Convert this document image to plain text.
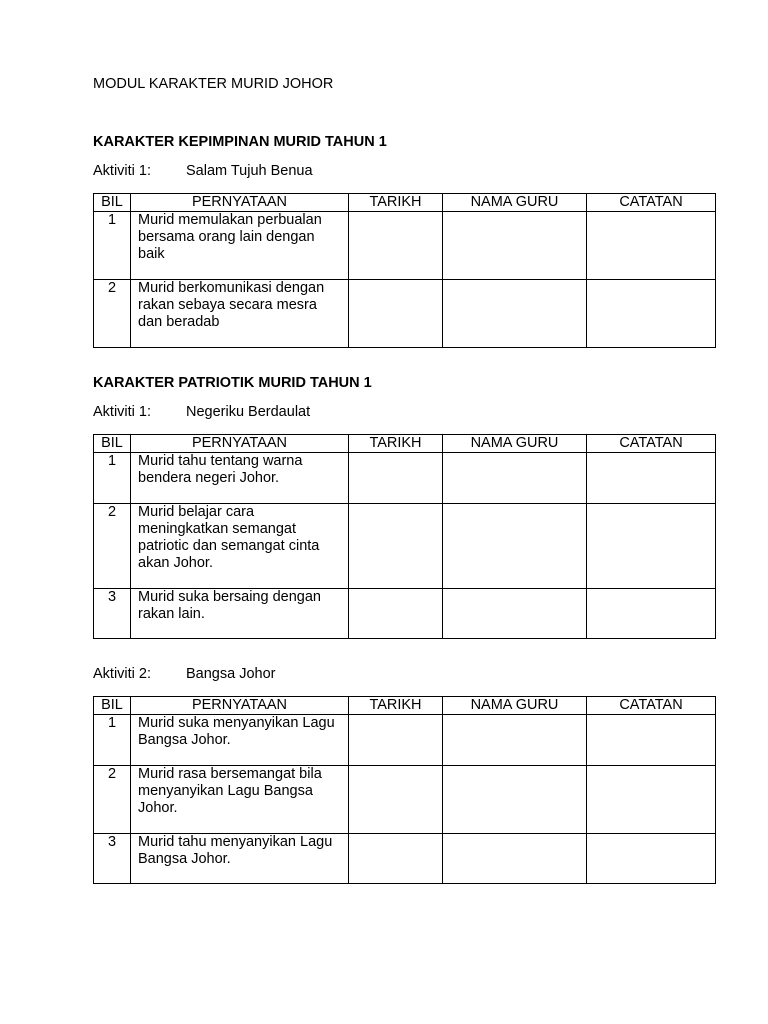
MODUL KARAKTER MURID JOHOR
KARAKTER KEPIMPINAN MURID TAHUN 1
Aktiviti 1: Salam Tujuh Benua
BIL	PERNYATAAN	TARIKH	NAMA GURU	CATATAN
1	Murid memulakan perbualan bersama orang lain dengan baik			
2	Murid berkomunikasi dengan rakan sebaya secara mesra dan beradab			
KARAKTER PATRIOTIK MURID TAHUN 1
Aktiviti 1: Negeriku Berdaulat
BIL	PERNYATAAN	TARIKH	NAMA GURU	CATATAN
1	Murid tahu tentang warna bendera negeri Johor.			
2	Murid belajar cara meningkatkan semangat patriotic dan semangat cinta akan Johor.			
3	Murid suka bersaing dengan rakan lain.			
Aktiviti 2: Bangsa Johor
BIL	PERNYATAAN	TARIKH	NAMA GURU	CATATAN
1	Murid suka menyanyikan Lagu Bangsa Johor.			
2	Murid rasa bersemangat bila menyanyikan Lagu Bangsa Johor.			
3	Murid tahu menyanyikan Lagu Bangsa Johor.			
